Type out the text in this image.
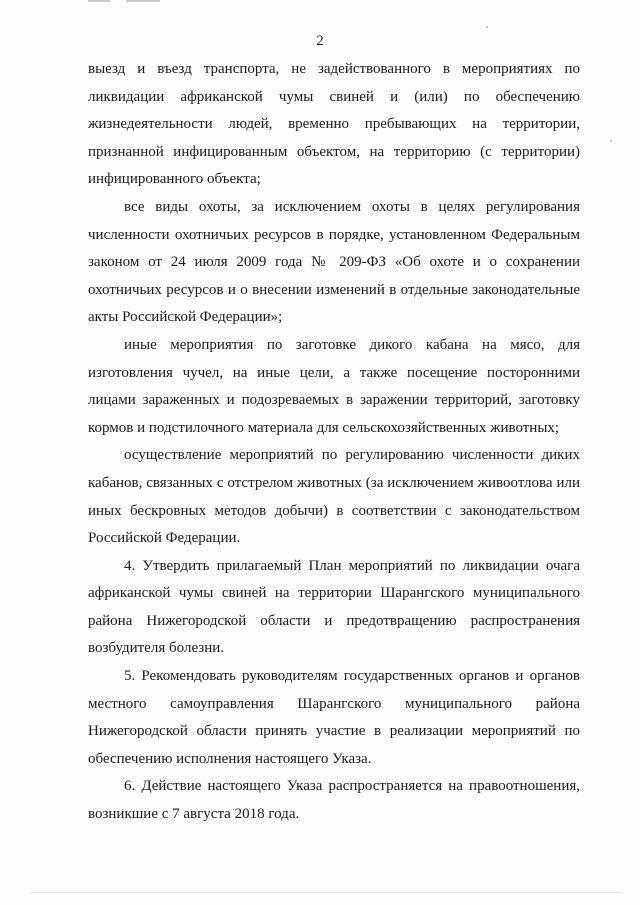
2

выезд и въезд транспорта, не задействованного в мероприятиях по ликвидации африканской чумы свиней и (или) по обеспечению жизнедеятельности людей, временно пребывающих на территории, признанной инфицированным объектом, на территорию (с территории) инфицированного объекта;

все виды охоты, за исключением охоты в целях регулирования численности охотничьих ресурсов в порядке, установленном Федеральным законом от 24 июля 2009 года № 209-ФЗ «Об охоте и о сохранении охотничьих ресурсов и о внесении изменений в отдельные законодательные акты Российской Федерации»;

иные мероприятия по заготовке дикого кабана на мясо, для изготовления чучел, на иные цели, а также посещение посторонними лицами зараженных и подозреваемых в заражении территорий, заготовку кормов и подстилочного материала для сельскохозяйственных животных;

осуществление мероприятий по регулированию численности диких кабанов, связанных с отстрелом животных (за исключением живоотлова или иных бескровных методов добычи) в соответствии с законодательством Российской Федерации.

4. Утвердить прилагаемый План мероприятий по ликвидации очага африканской чумы свиней на территории Шарангского муниципального района Нижегородской области и предотвращению распространения возбудителя болезни.

5. Рекомендовать руководителям государственных органов и органов местного самоуправления Шарангского муниципального района Нижегородской области принять участие в реализации мероприятий по обеспечению исполнения настоящего Указа.

6. Действие настоящего Указа распространяется на правоотношения, возникшие с 7 августа 2018 года.
